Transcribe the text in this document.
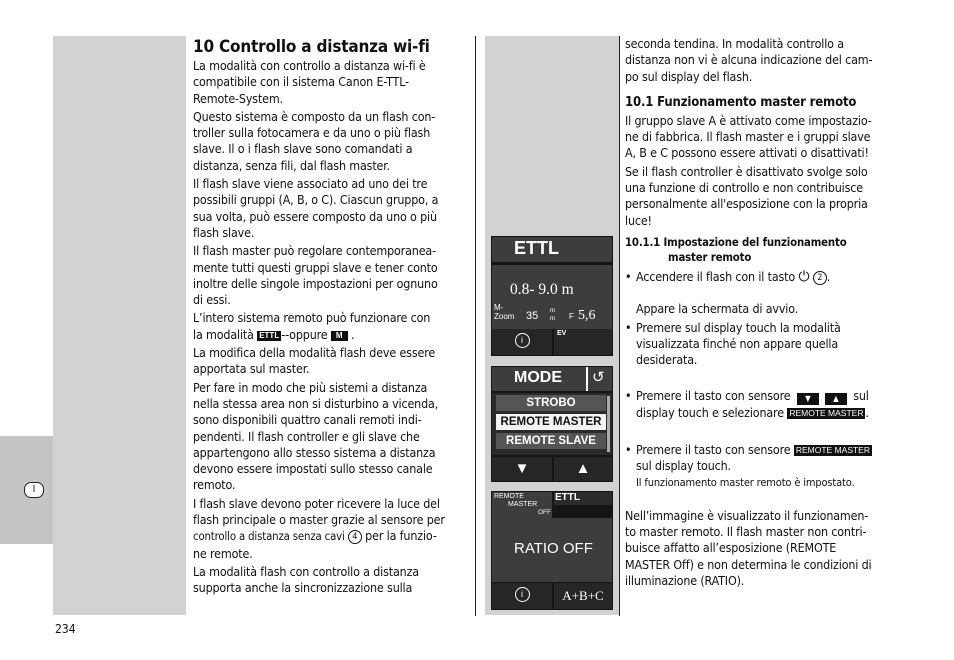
I
10 Controllo a distanza wi-fi

La modalità con controllo a distanza wi-fi è
compatibile con il sistema Canon E-TTL-
Remote-System.

Questo sistema è composto da un flash con-
troller sulla fotocamera e da uno o più flash
slave. Il o i flash slave sono comandati a
distanza, senza fili, dal flash master.

Il flash slave viene associato ad uno dei tre
possibili gruppi (A, B, o C). Ciascun gruppo, a
sua volta, può essere composto da uno o più
flash slave.

Il flash master può regolare contemporanea-
mente tutti questi gruppi slave e tener conto
inoltre delle singole impostazioni per ognuno
di essi.

L’intero sistema remoto può funzionare con
la modalità ETTL --oppure M .

La modifica della modalità flash deve essere
apportata sul master.

Per fare in modo che più sistemi a distanza
nella stessa area non si disturbino a vicenda,
sono disponibili quattro canali remoti indi-
pendenti. Il flash controller e gli slave che
appartengono allo stesso sistema a distanza
devono essere impostati sullo stesso canale
remoto.

I flash slave devono poter ricevere la luce del
flash principale o master grazie al sensore per
controllo a distanza senza cavi 4 per la funzio-
ne remote.

La modalità flash con controllo a distanza
supporta anche la sincronizzazione sulla

ETTL
0.8- 9.0 m
M-
Zoom 35 m
m F 5,6
i
EV
MODE ↺
STROBO
REMOTE MASTER
REMOTE SLAVE
▼	▲
REMOTE
MASTER
OFF
ETTL
RATIO OFF
i	A+B+C

seconda tendina. In modalità controllo a
distanza non vi è alcuna indicazione del cam-
po sul display del flash.

10.1 Funzionamento master remoto

Il gruppo slave A è attivato come impostazio-
ne di fabbrica. Il flash master e i gruppi slave
A, B e C possono essere attivati o disattivati!

Se il flash controller è disattivato svolge solo
una funzione di controllo e non contribuisce
personalmente all'esposizione con la propria
luce!

10.1.1 Impostazione del funzionamento
master remoto
• Accendere il flash con il tasto ⏻ 2 .
Appare la schermata di avvio.
• Premere sul display touch la modalità
visualizzata finché non appare quella
desiderata.
• Premere il tasto con sensore ▼	▲ sul
display touch e selezionare REMOTE MASTER .
• Premere il tasto con sensore REMOTE MASTER
sul display touch.
Il funzionamento master remoto è impostato.

Nell’immagine è visualizzato il funzionamen-
to master remoto. Il flash master non contri-
buisce affatto all’esposizione (REMOTE
MASTER Off) e non determina le condizioni di
illuminazione (RATIO).

234
